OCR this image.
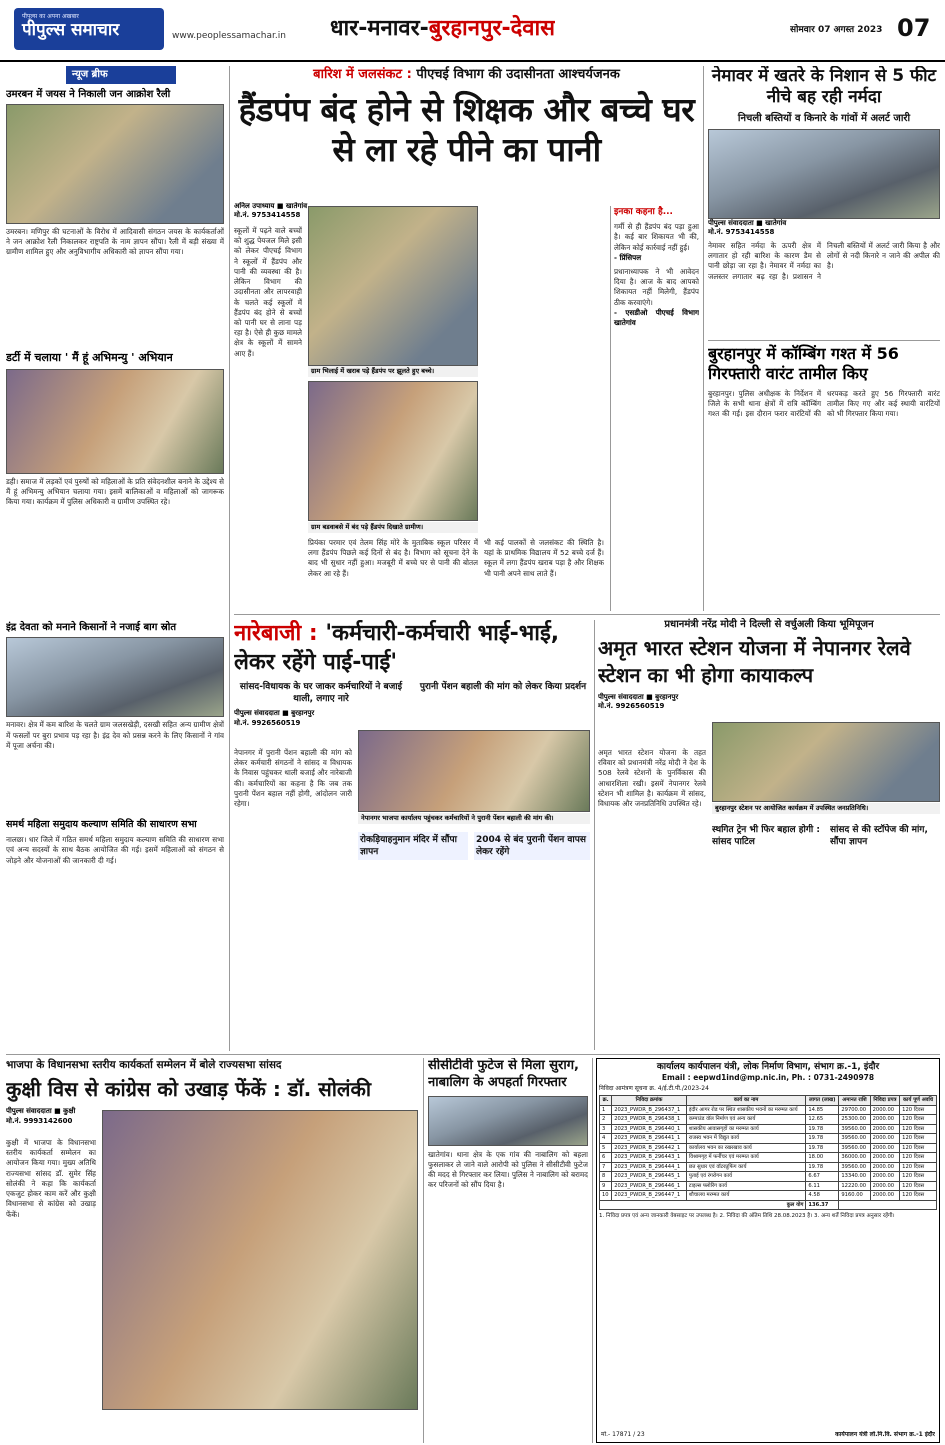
पीपुल्स का अपना अखबार
पीपुल्स समाचार	www.peoplessamachar.in धार-मनावर-बुरहानपुर-देवास	सोमवार 07 अगस्त 2023 07
न्यूज ब्रीफ
उमरबन में जयस ने निकाली जन आक्रोश रैली
उमरबन। मणिपुर की घटनाओं के विरोध में आदिवासी संगठन जयस के कार्यकर्ताओं ने जन आक्रोश रैली निकालकर राष्ट्रपति के नाम ज्ञापन सौंपा। रैली में बड़ी संख्या में ग्रामीण शामिल हुए और अनुविभागीय अधिकारी को ज्ञापन सौंपा गया।
डर्टी में चलाया ' मैं हूं अभिमन्यु ' अभियान
डही। समाज में लड़कों एवं पुरुषों को महिलाओं के प्रति संवेदनशील बनाने के उद्देश्य से मैं हूं अभिमन्यु अभियान चलाया गया। इसमें बालिकाओं व महिलाओं को जागरूक किया गया। कार्यक्रम में पुलिस अधिकारी व ग्रामीण उपस्थित रहे।
इंद्र देवता को मनाने किसानों ने नजाई बाग स्रोत
मनावर। क्षेत्र में कम बारिश के चलते ग्राम जलसखेड़ी, दसखी सहित अन्य ग्रामीण क्षेत्रों में फसलों पर बुरा प्रभाव पड़ रहा है। इंद्र देव को प्रसन्न करने के लिए किसानों ने गांव में पूजा अर्चना की।
समर्थ महिला समुदाय कल्याण समिति की साधारण सभा
नालछा। धार जिले में गठित समर्थ महिला समुदाय कल्याण समिति की साधारण सभा एवं अन्य सदस्यों के साथ बैठक आयोजित की गई। इसमें महिलाओं को संगठन से जोड़ने और योजनाओं की जानकारी दी गई।
बारिश में जलसंकट : पीएचई विभाग की उदासीनता आश्चर्यजनक
हैंडपंप बंद होने से शिक्षक और बच्चे घर से ला रहे पीने का पानी
अनिल उपाध्याय ■ खातेगांव
मो.नं. 9753414558
स्कूलों में पढ़ने वाले बच्चों को शुद्ध पेयजल मिले इसी को लेकर पीएचई विभाग ने स्कूलों में हैंडपंप और पानी की व्यवस्था की है। लेकिन विभाग की उदासीनता और लापरवाही के चलते कई स्कूलों में हैंडपंप बंद होने से बच्चों को पानी घर से लाना पड़ रहा है। ऐसे ही कुछ मामले क्षेत्र के स्कूलों में सामने आए हैं।
ग्राम भिलाई में खराब पड़े हैंडपंप पर झूलते हुए बच्चे।
ग्राम बडवाबसे में बंद पड़े हैंडपंप दिखाते ग्रामीण।
प्रियंका परमार एवं तेलम सिंह मोरे के मुताबिक स्कूल परिसर में लगा हैंडपंप पिछले कई दिनों से बंद है। विभाग को सूचना देने के बाद भी सुधार नहीं हुआ। मजबूरी में बच्चे घर से पानी की बोतल लेकर आ रहे हैं।
भी कई पालकों से जलसंकट की स्थिति है। यहां के प्राथमिक विद्यालय में 52 बच्चे दर्ज हैं। स्कूल में लगा हैंडपंप खराब पड़ा है और शिक्षक भी पानी अपने साथ लाते हैं।
इनका कहना है...
गर्मी से ही हैंडपंप बंद पड़ा हुआ है। कई बार शिकायत भी की, लेकिन कोई कार्रवाई नहीं हुई।
- प्रिंसिपल
प्रधानाध्यापक ने भी आवेदन दिया है। आज के बाद आपको शिकायत नहीं मिलेगी, हैंडपंप ठीक करवाएंगे।
- एसडीओ पीएचई विभाग खातेगांव
नेमावर में खतरे के निशान से 5 फीट नीचे बह रही नर्मदा
निचली बस्तियों व किनारे के गांवों में अलर्ट जारी
पीपुल्स संवाददाता ■ खातेगांव
मो.नं. 9753414558
नेमावर सहित नर्मदा के ऊपरी क्षेत्र में लगातार हो रही बारिश के कारण डैम से पानी छोड़ा जा रहा है। नेमावर में नर्मदा का जलस्तर लगातार बढ़ रहा है। प्रशासन ने निचली बस्तियों में अलर्ट जारी किया है और लोगों से नदी किनारे न जाने की अपील की है।
बुरहानपुर में कॉम्बिंग गश्त में 56 गिरफ्तारी वारंट तामील किए
बुरहानपुर। पुलिस अधीक्षक के निर्देशन में जिले के सभी थाना क्षेत्रों में रात्रि कॉम्बिंग गश्त की गई। इस दौरान फरार वारंटियों की धरपकड़ करते हुए 56 गिरफ्तारी वारंट तामील किए गए और कई स्थायी वारंटियों को भी गिरफ्तार किया गया।
नारेबाजी : 'कर्मचारी-कर्मचारी भाई-भाई, लेकर रहेंगे पाई-पाई'
सांसद-विधायक के घर जाकर कर्मचारियों ने बजाई थाली, लगाए नारे
पुरानी पेंशन बहाली की मांग को लेकर किया प्रदर्शन
पीपुल्स संवाददाता ■ बुरहानपुर
मो.नं. 9926560519
नेपानगर में पुरानी पेंशन बहाली की मांग को लेकर कर्मचारी संगठनों ने सांसद व विधायक के निवास पहुंचकर थाली बजाई और नारेबाजी की। कर्मचारियों का कहना है कि जब तक पुरानी पेंशन बहाल नहीं होगी, आंदोलन जारी रहेगा।
नेपानगर भाजपा कार्यालय पहुंचकर कर्मचारियों ने पुरानी पेंशन बहाली की मांग की।
रोकड़ियाहनुमान मंदिर में सौंपा ज्ञापन
2004 से बंद पुरानी पेंशन वापस लेकर रहेंगे
प्रधानमंत्री नरेंद्र मोदी ने दिल्ली से वर्चुअली किया भूमिपूजन
अमृत भारत स्टेशन योजना में नेपानगर रेलवे स्टेशन का भी होगा कायाकल्प
पीपुल्स संवाददाता ■ बुरहानपुर
मो.नं. 9926560519
बुरहानपुर स्टेशन पर आयोजित कार्यक्रम में उपस्थित जनप्रतिनिधि।
अमृत भारत स्टेशन योजना के तहत रविवार को प्रधानमंत्री नरेंद्र मोदी ने देश के 508 रेलवे स्टेशनों के पुनर्विकास की आधारशिला रखी। इसमें नेपानगर रेलवे स्टेशन भी शामिल है। कार्यक्रम में सांसद, विधायक और जनप्रतिनिधि उपस्थित रहे।
स्थगित ट्रेन भी फिर बहाल होगी : सांसद पाटिल
सांसद से की स्टॉपेज की मांग, सौंपा ज्ञापन
भाजपा के विधानसभा स्तरीय कार्यकर्ता सम्मेलन में बोले राज्यसभा सांसद
कुक्षी विस से कांग्रेस को उखाड़ फेंकें : डॉ. सोलंकी
पीपुल्स संवाददाता ■ कुक्षी
मो.नं. 9993142600
कुक्षी में भाजपा के विधानसभा स्तरीय कार्यकर्ता सम्मेलन का आयोजन किया गया। मुख्य अतिथि राज्यसभा सांसद डॉ. सुमेर सिंह सोलंकी ने कहा कि कार्यकर्ता एकजुट होकर काम करें और कुक्षी विधानसभा से कांग्रेस को उखाड़ फेंकें।
सीसीटीवी फुटेज से मिला सुराग, नाबालिग के अपहर्ता गिरफ्तार
खातेगांव। थाना क्षेत्र के एक गांव की नाबालिग को बहला फुसलाकर ले जाने वाले आरोपी को पुलिस ने सीसीटीवी फुटेज की मदद से गिरफ्तार कर लिया। पुलिस ने नाबालिग को बरामद कर परिजनों को सौंप दिया है।
कार्यालय कार्यपालन यंत्री, लोक निर्माण विभाग, संभाग क्र.-1, इंदौर
Email : eepwd1ind@mp.nic.in, Ph. : 0731-2490978
निविदा आमंत्रण सूचना क्र. 4/ई.टी.पी./2023-24
क्र.	निविदा क्रमांक	कार्य का नाम	लागत (लाख)	अमानत राशि	निविदा प्रपत्र	कार्य पूर्ण अवधि
1	2023_PWDR_B_296437_1	इंदौर आगर रोड पर स्थित शासकीय भवनों का मरम्मत कार्य	14.85	29700.00	2000.00	120 दिवस
2	2023_PWDR_B_296438_1	कम्पाउंड वॉल निर्माण एवं अन्य कार्य	12.65	25300.00	2000.00	120 दिवस
3	2023_PWDR_B_296440_1	शासकीय आवासगृहों का मरम्मत कार्य	19.78	39560.00	2000.00	120 दिवस
4	2023_PWDR_B_296441_1	राजस्व भवन में विद्युत कार्य	19.78	39560.00	2000.00	120 दिवस
5	2023_PWDR_B_296442_1	कार्यालय भवन का रखरखाव कार्य	19.78	39560.00	2000.00	120 दिवस
6	2023_PWDR_B_296443_1	विश्रामगृह में फर्नीचर एवं मरम्मत कार्य	18.00	36000.00	2000.00	120 दिवस
7	2023_PWDR_B_296444_1	छत सुधार एवं वॉटरप्रूफिंग कार्य	19.78	39560.00	2000.00	120 दिवस
8	2023_PWDR_B_296445_1	पुताई एवं रंगरोगन कार्य	6.67	13340.00	2000.00	120 दिवस
9	2023_PWDR_B_296446_1	टाइल्स फ्लोरिंग कार्य	6.11	12220.00	2000.00	120 दिवस
10	2023_PWDR_B_296447_1	शौचालय मरम्मत कार्य	4.58	9160.00	2000.00	120 दिवस
कुल योग			136.37			
1. निविदा प्रपत्र एवं अन्य जानकारी वेबसाइट पर उपलब्ध है। 2. निविदा की अंतिम तिथि 28.08.2023 है। 3. अन्य शर्तें निविदा प्रपत्र अनुसार रहेंगी।
मो.- 17871 / 23	कार्यपालन यंत्री लो.नि.वि. संभाग क्र.-1 इंदौर
